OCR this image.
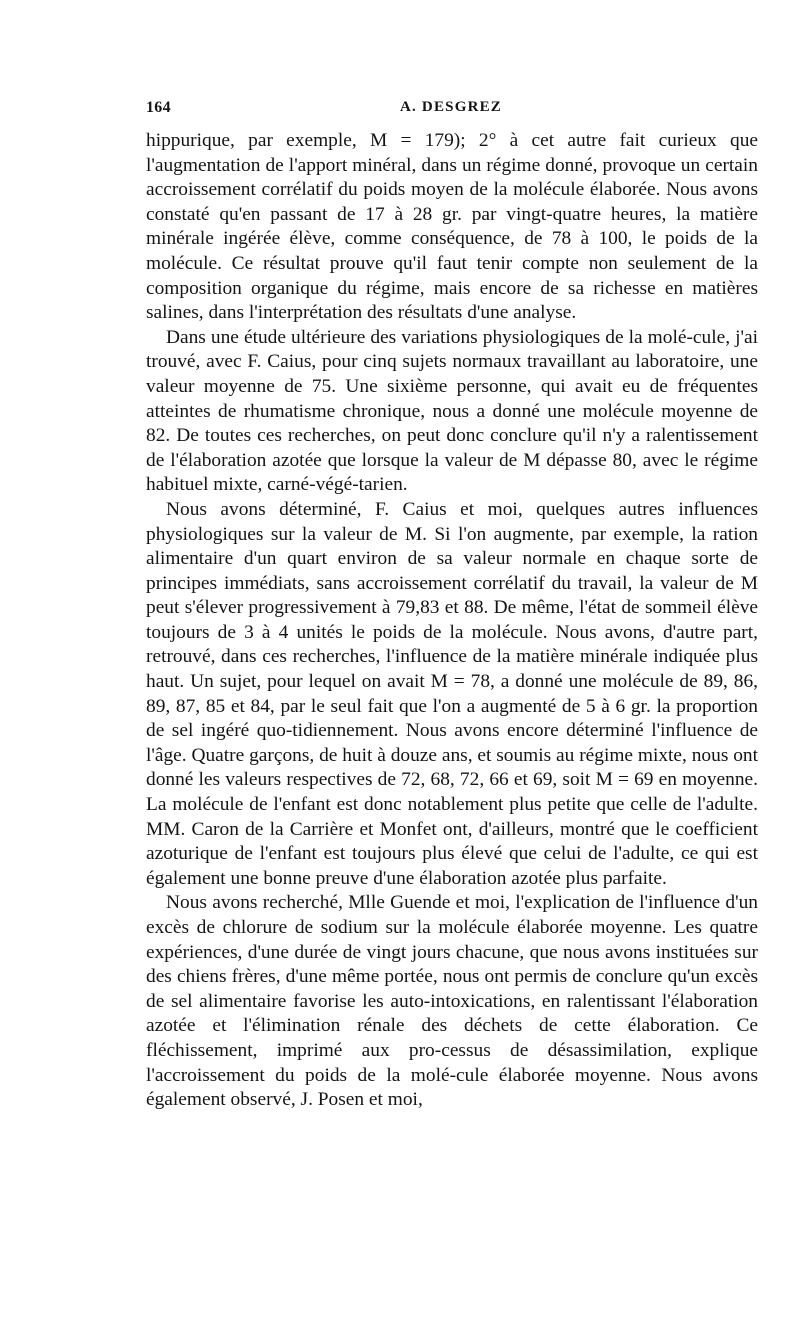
164	A. DESGREZ

hippurique, par exemple, M = 179); 2° à cet autre fait curieux que l'augmentation de l'apport minéral, dans un régime donné, provoque un certain accroissement corrélatif du poids moyen de la molécule élaborée. Nous avons constaté qu'en passant de 17 à 28 gr. par vingt-quatre heures, la matière minérale ingérée élève, comme conséquence, de 78 à 100, le poids de la molécule. Ce résultat prouve qu'il faut tenir compte non seulement de la composition organique du régime, mais encore de sa richesse en matières salines, dans l'interprétation des résultats d'une analyse.

Dans une étude ultérieure des variations physiologiques de la molé-cule, j'ai trouvé, avec F. Caius, pour cinq sujets normaux travaillant au laboratoire, une valeur moyenne de 75. Une sixième personne, qui avait eu de fréquentes atteintes de rhumatisme chronique, nous a donné une molécule moyenne de 82. De toutes ces recherches, on peut donc conclure qu'il n'y a ralentissement de l'élaboration azotée que lorsque la valeur de M dépasse 80, avec le régime habituel mixte, carné-végé-tarien.

Nous avons déterminé, F. Caius et moi, quelques autres influences physiologiques sur la valeur de M. Si l'on augmente, par exemple, la ration alimentaire d'un quart environ de sa valeur normale en chaque sorte de principes immédiats, sans accroissement corrélatif du travail, la valeur de M peut s'élever progressivement à 79,83 et 88. De même, l'état de sommeil élève toujours de 3 à 4 unités le poids de la molécule. Nous avons, d'autre part, retrouvé, dans ces recherches, l'influence de la matière minérale indiquée plus haut. Un sujet, pour lequel on avait M = 78, a donné une molécule de 89, 86, 89, 87, 85 et 84, par le seul fait que l'on a augmenté de 5 à 6 gr. la proportion de sel ingéré quo-tidiennement. Nous avons encore déterminé l'influence de l'âge. Quatre garçons, de huit à douze ans, et soumis au régime mixte, nous ont donné les valeurs respectives de 72, 68, 72, 66 et 69, soit M = 69 en moyenne. La molécule de l'enfant est donc notablement plus petite que celle de l'adulte. MM. Caron de la Carrière et Monfet ont, d'ailleurs, montré que le coefficient azoturique de l'enfant est toujours plus élevé que celui de l'adulte, ce qui est également une bonne preuve d'une élaboration azotée plus parfaite.

Nous avons recherché, Mlle Guende et moi, l'explication de l'influence d'un excès de chlorure de sodium sur la molécule élaborée moyenne. Les quatre expériences, d'une durée de vingt jours chacune, que nous avons instituées sur des chiens frères, d'une même portée, nous ont permis de conclure qu'un excès de sel alimentaire favorise les auto-intoxications, en ralentissant l'élaboration azotée et l'élimination rénale des déchets de cette élaboration. Ce fléchissement, imprimé aux pro-cessus de désassimilation, explique l'accroissement du poids de la molé-cule élaborée moyenne. Nous avons également observé, J. Posen et moi,
